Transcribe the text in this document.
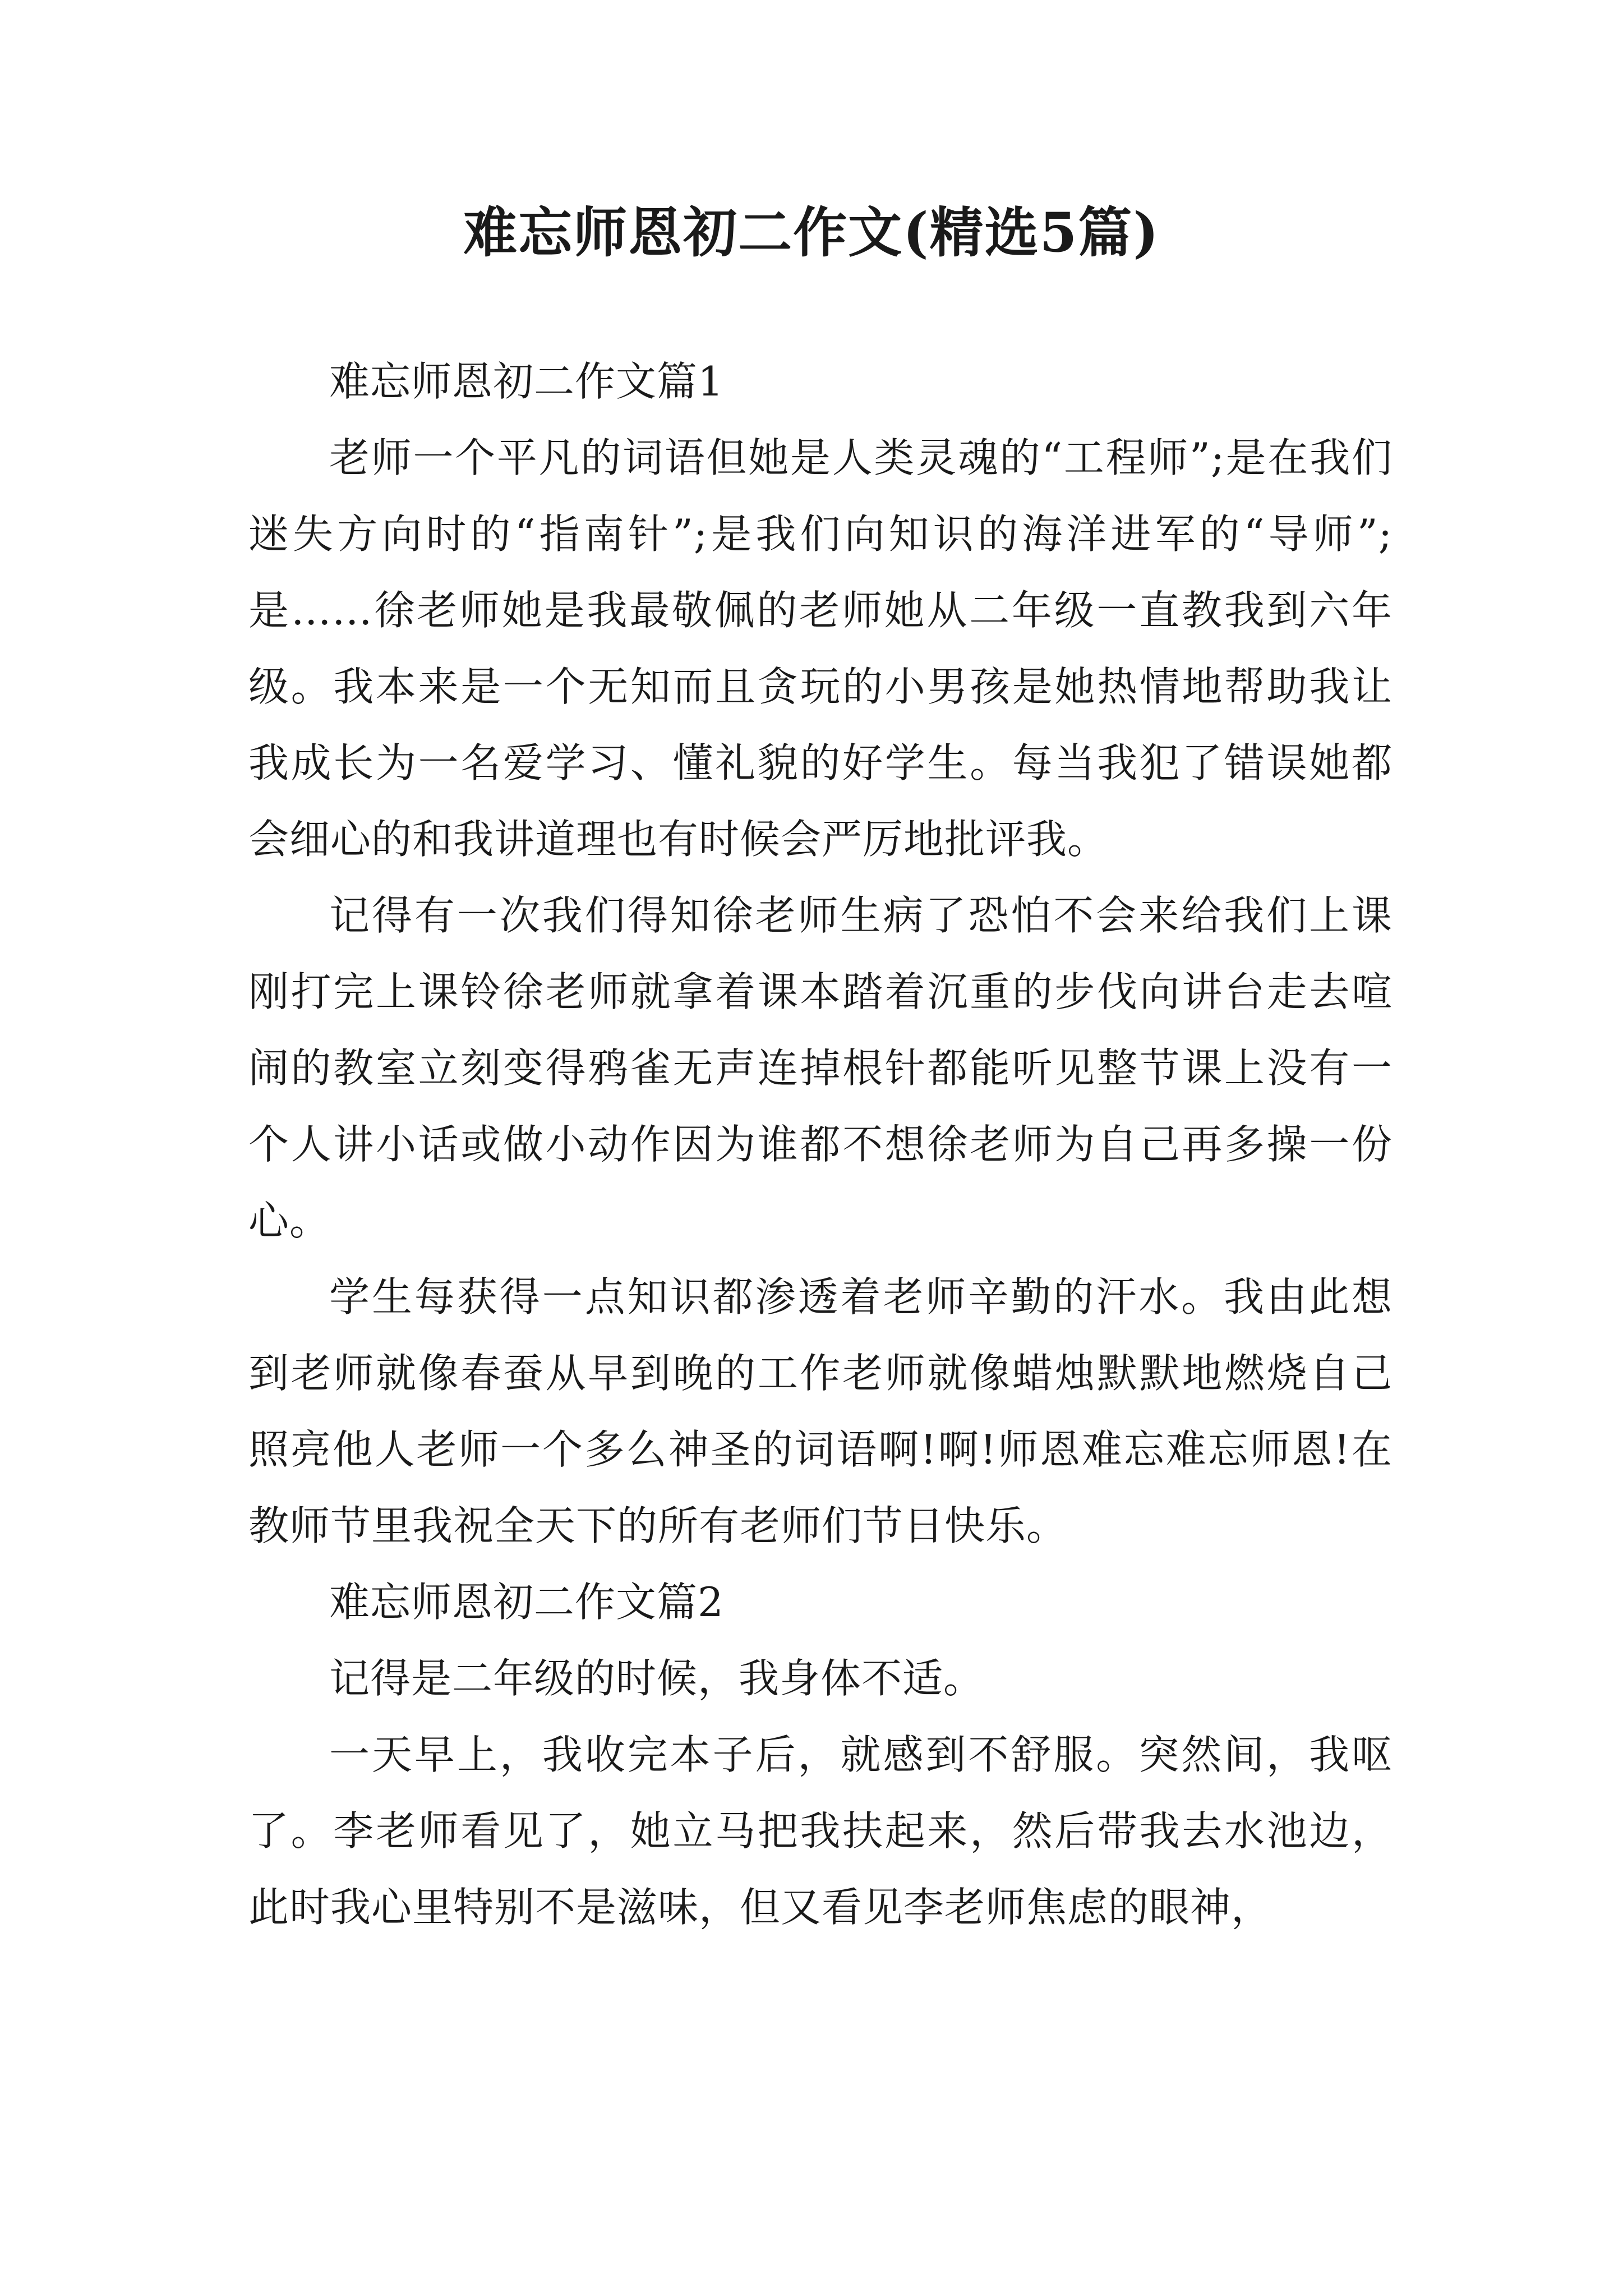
难忘师恩初二作文(精选5篇)

难忘师恩初二作文篇1

老师一个平凡的词语但她是人类灵魂的“工程师”;是在我们迷失方向时的“指南针”;是我们向知识的海洋进军的“导师”;是……徐老师她是我最敬佩的老师她从二年级一直教我到六年级。我本来是一个无知而且贪玩的小男孩是她热情地帮助我让我成长为一名爱学习、懂礼貌的好学生。每当我犯了错误她都会细心的和我讲道理也有时候会严厉地批评我。

记得有一次我们得知徐老师生病了恐怕不会来给我们上课刚打完上课铃徐老师就拿着课本踏着沉重的步伐向讲台走去喧闹的教室立刻变得鸦雀无声连掉根针都能听见整节课上没有一个人讲小话或做小动作因为谁都不想徐老师为自己再多操一份心。

学生每获得一点知识都渗透着老师辛勤的汗水。我由此想到老师就像春蚕从早到晚的工作老师就像蜡烛默默地燃烧自己照亮他人老师一个多么神圣的词语啊!啊!师恩难忘难忘师恩!在教师节里我祝全天下的所有老师们节日快乐。

难忘师恩初二作文篇2

记得是二年级的时候，我身体不适。

一天早上，我收完本子后，就感到不舒服。突然间，我呕了。李老师看见了，她立马把我扶起来，然后带我去水池边，此时我心里特别不是滋味，但又看见李老师焦虑的眼神，
